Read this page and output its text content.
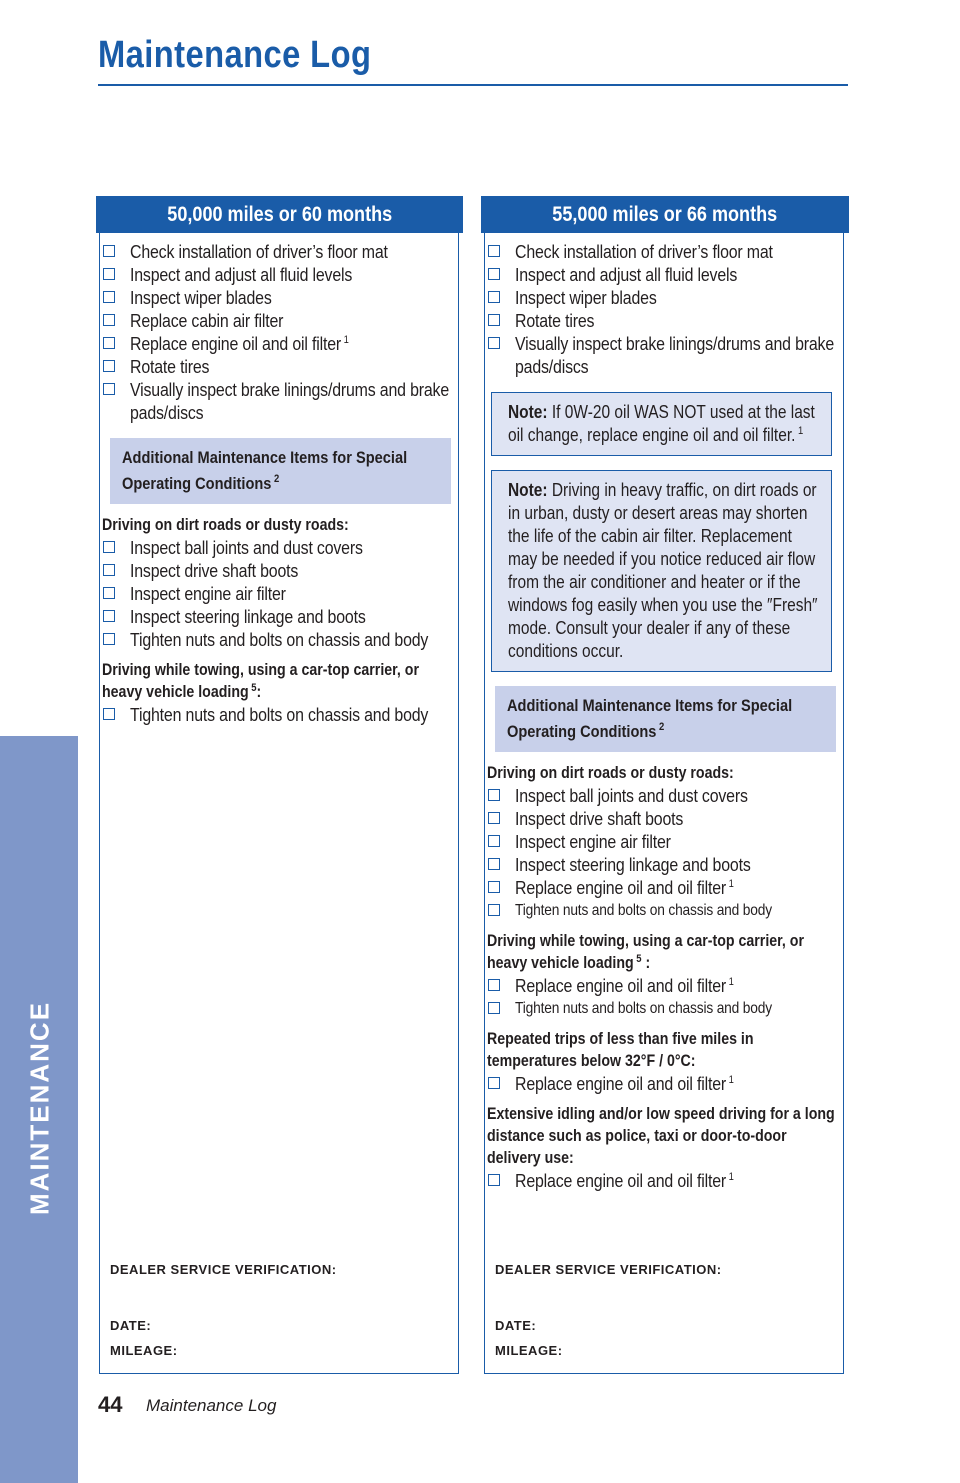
Maintenance Log
MAINTENANCE
50,000 miles or 60 months	55,000 miles or 66 months
Check installation of driver’s floor mat
Inspect and adjust all fluid levels
Inspect wiper blades
Replace cabin air filter
Replace engine oil and oil filter $^1$
Rotate tires
Visually inspect brake linings/drums and brake pads/discs
Additional Maintenance Items for Special Operating Conditions $^2$
Driving on dirt roads or dusty roads:
Inspect ball joints and dust covers
Inspect drive shaft boots
Inspect engine air filter
Inspect steering linkage and boots
Tighten nuts and bolts on chassis and body
Driving while towing, using a car-top carrier, or heavy vehicle loading $^5$:
Tighten nuts and bolts on chassis and body
Check installation of driver’s floor mat
Inspect and adjust all fluid levels
Inspect wiper blades
Rotate tires
Visually inspect brake linings/drums and brake pads/discs
Note: If 0W-20 oil WAS NOT used at the last oil change, replace engine oil and oil filter. $^1$
Note: Driving in heavy traffic, on dirt roads or in urban, dusty or desert areas may shorten the life of the cabin air filter. Replacement may be needed if you notice reduced air flow from the air conditioner and heater or if the windows fog easily when you use the ″Fresh″ mode. Consult your dealer if any of these conditions occur.
Additional Maintenance Items for Special Operating Conditions $^2$
Driving on dirt roads or dusty roads:
Inspect ball joints and dust covers
Inspect drive shaft boots
Inspect engine air filter
Inspect steering linkage and boots
Replace engine oil and oil filter $^1$
Tighten nuts and bolts on chassis and body
Driving while towing, using a car-top carrier, or heavy vehicle loading $^5$ :
Replace engine oil and oil filter $^1$
Tighten nuts and bolts on chassis and body
Repeated trips of less than five miles in temperatures below 32°F / 0°C:
Replace engine oil and oil filter $^1$
Extensive idling and/or low speed driving for a long distance such as police, taxi or door-to-door delivery use:
Replace engine oil and oil filter $^1$
DEALER SERVICE VERIFICATION:
DATE:
MILEAGE:
DEALER SERVICE VERIFICATION:
DATE:
MILEAGE:
44 Maintenance Log
